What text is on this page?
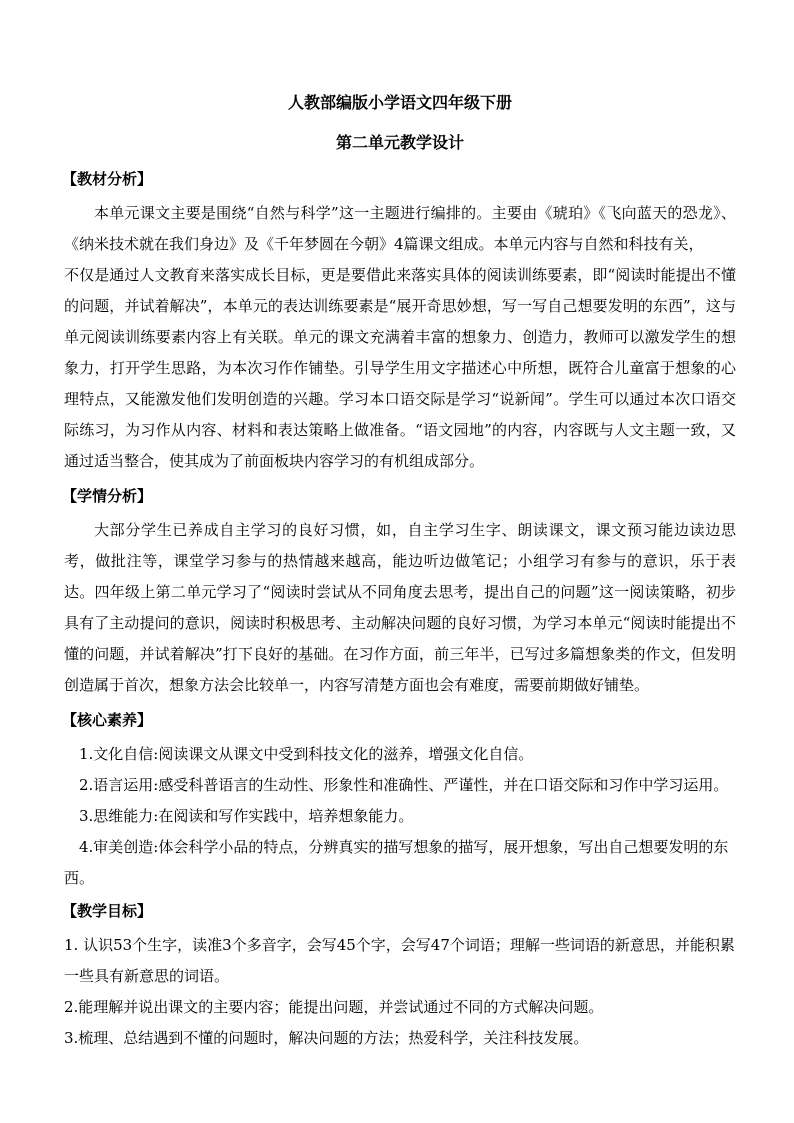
人教部编版小学语文四年级下册

第二单元教学设计

【教材分析】

本单元课文主要是围绕“自然与科学”这一主题进行编排的。主要由《琥珀》《飞向蓝天的恐龙》、《纳米技术就在我们身边》及《千年梦圆在今朝》4篇课文组成。本单元内容与自然和科技有关，

不仅是通过人文教育来落实成长目标，更是要借此来落实具体的阅读训练要素，即“阅读时能提出不懂的问题，并试着解决”，本单元的表达训练要素是“展开奇思妙想，写一写自己想要发明的东西”，这与单元阅读训练要素内容上有关联。单元的课文充满着丰富的想象力、创造力，教师可以激发学生的想象力，打开学生思路，为本次习作作铺垫。引导学生用文字描述心中所想，既符合儿童富于想象的心理特点，又能激发他们发明创造的兴趣。学习本口语交际是学习“说新闻”。学生可以通过本次口语交际练习，为习作从内容、材料和表达策略上做准备。“语文园地”的内容，内容既与人文主题一致，又通过适当整合，使其成为了前面板块内容学习的有机组成部分。

【学情分析】

大部分学生已养成自主学习的良好习惯，如，自主学习生字、朗读课文，课文预习能边读边思考，做批注等，课堂学习参与的热情越来越高，能边听边做笔记；小组学习有参与的意识，乐于表达。四年级上第二单元学习了“阅读时尝试从不同角度去思考，提出自己的问题”这一阅读策略，初步具有了主动提问的意识，阅读时积极思考、主动解决问题的良好习惯，为学习本单元“阅读时能提出不懂的问题，并试着解决”打下良好的基础。在习作方面，前三年半，已写过多篇想象类的作文，但发明创造属于首次，想象方法会比较单一，内容写清楚方面也会有难度，需要前期做好铺垫。

【核心素养】

1.文化自信:阅读课文从课文中受到科技文化的滋养，增强文化自信。

2.语言运用:感受科普语言的生动性、形象性和准确性、严谨性，并在口语交际和习作中学习运用。

3.思维能力:在阅读和写作实践中，培养想象能力。

4.审美创造:体会科学小品的特点，分辨真实的描写想象的描写，展开想象，写出自己想要发明的东西。

【教学目标】

1. 认识53个生字，读准3个多音字，会写45个字，会写47个词语；理解一些词语的新意思，并能积累一些具有新意思的词语。

2.能理解并说出课文的主要内容；能提出问题，并尝试通过不同的方式解决问题。

3.梳理、总结遇到不懂的问题时，解决问题的方法；热爱科学，关注科技发展。
